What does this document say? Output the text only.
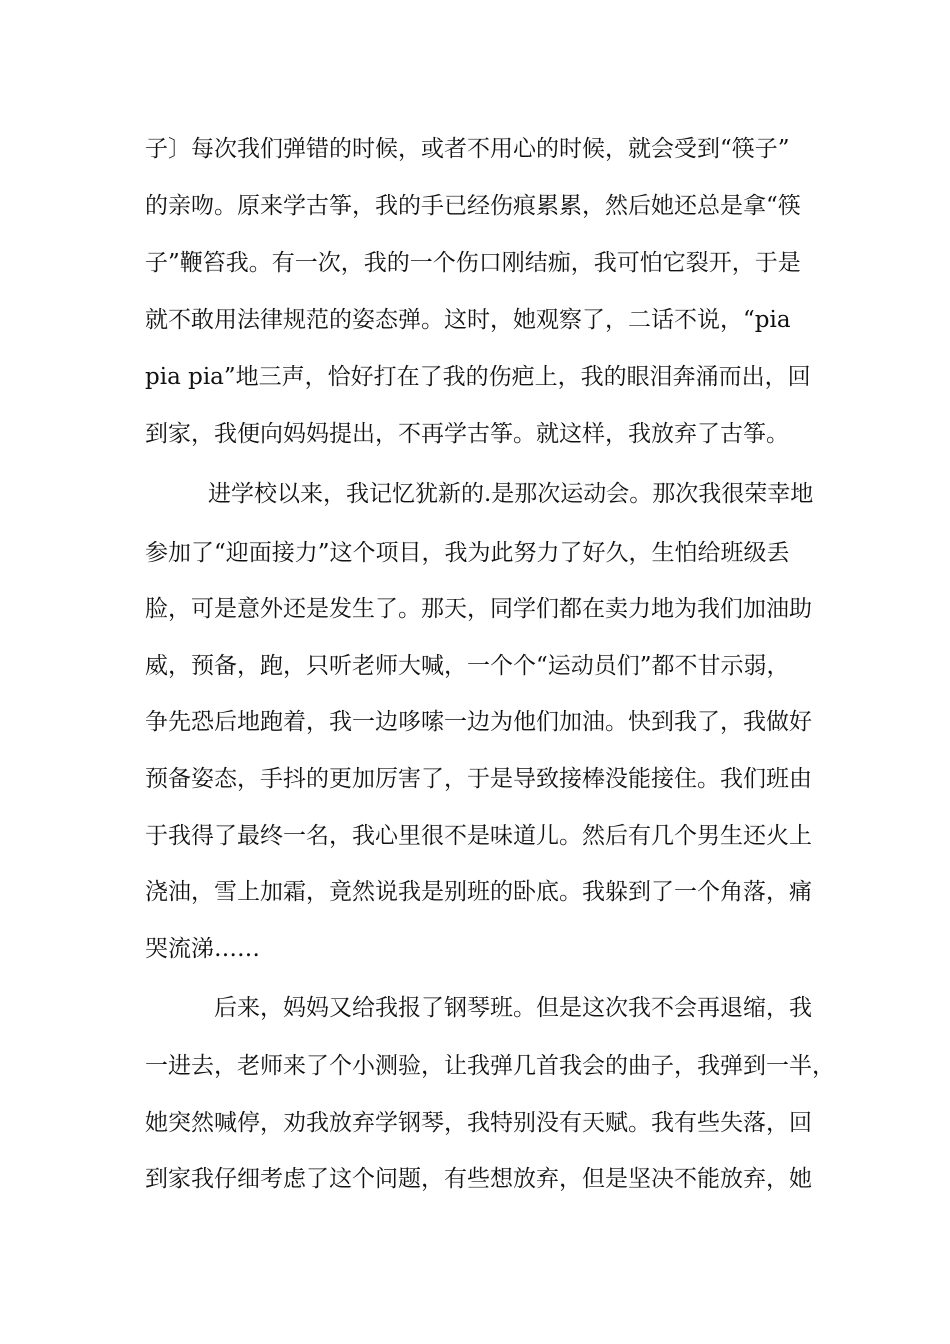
子〕每次我们弹错的时候，或者不用心的时候，就会受到“筷子”
的亲吻。原来学古筝，我的手已经伤痕累累，然后她还总是拿“筷
子”鞭笞我。有一次，我的一个伤口刚结痂，我可怕它裂开，于是
就不敢用法律规范的姿态弹。这时，她观察了，二话不说，“pia
pia pia”地三声，恰好打在了我的伤疤上，我的眼泪奔涌而出，回
到家，我便向妈妈提出，不再学古筝。就这样，我放弃了古筝。
进学校以来，我记忆犹新的.是那次运动会。那次我很荣幸地
参加了“迎面接力”这个项目，我为此努力了好久，生怕给班级丢
脸，可是意外还是发生了。那天，同学们都在卖力地为我们加油助
威，预备，跑，只听老师大喊，一个个“运动员们”都不甘示弱，
争先恐后地跑着，我一边哆嗦一边为他们加油。快到我了，我做好
预备姿态，手抖的更加厉害了，于是导致接棒没能接住。我们班由
于我得了最终一名，我心里很不是味道儿。然后有几个男生还火上
浇油，雪上加霜，竟然说我是别班的卧底。我躲到了一个角落，痛
哭流涕……
后来，妈妈又给我报了钢琴班。但是这次我不会再退缩，我
一进去，老师来了个小测验，让我弹几首我会的曲子，我弹到一半，
她突然喊停，劝我放弃学钢琴，我特别没有天赋。我有些失落，回
到家我仔细考虑了这个问题，有些想放弃，但是坚决不能放弃，她
